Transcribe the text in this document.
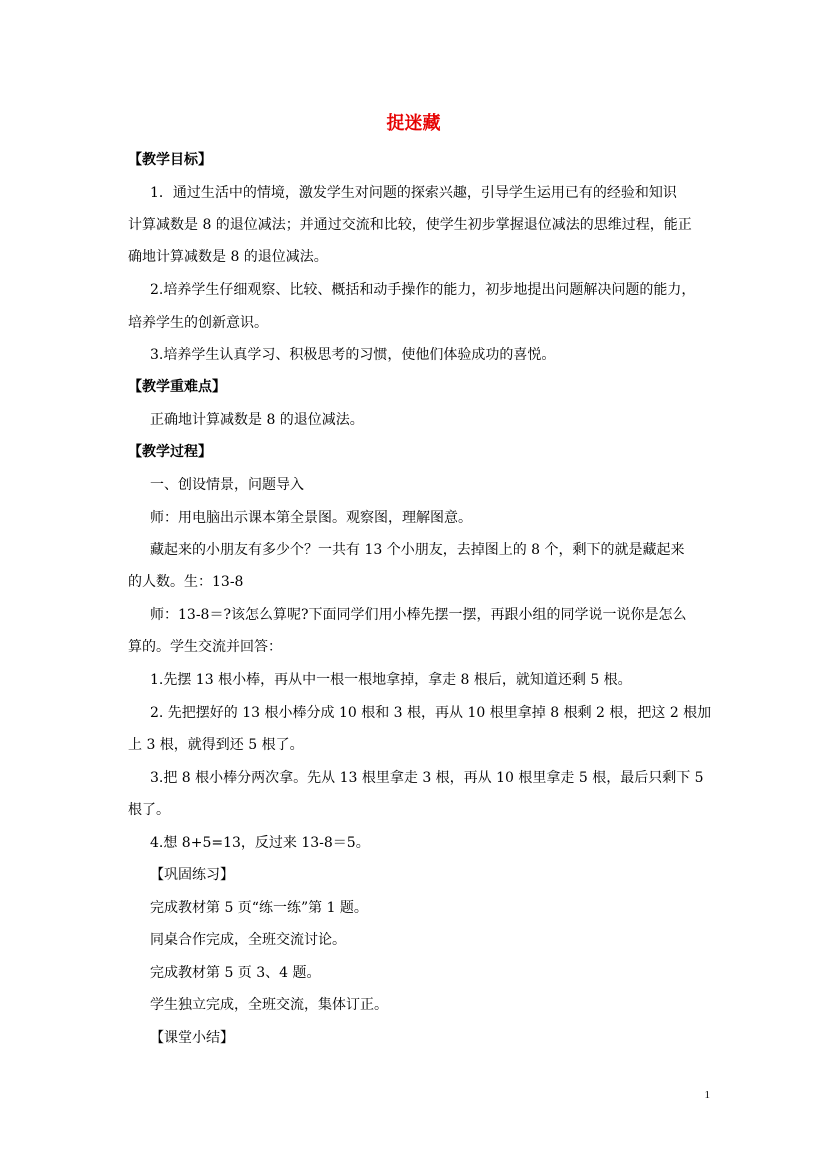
捉迷藏
【教学目标】
1．通过生活中的情境，激发学生对问题的探索兴趣，引导学生运用已有的经验和知识
计算减数是 8 的退位减法；并通过交流和比较，使学生初步掌握退位减法的思维过程，能正
确地计算减数是 8 的退位减法。
2.培养学生仔细观察、比较、概括和动手操作的能力，初步地提出问题解决问题的能力，
培养学生的创新意识。
3.培养学生认真学习、积极思考的习惯，使他们体验成功的喜悦。
【教学重难点】
正确地计算减数是 8 的退位减法。
【教学过程】
一、创设情景，问题导入
师：用电脑出示课本第全景图。观察图，理解图意。
藏起来的小朋友有多少个？一共有 13 个小朋友，去掉图上的 8 个，剩下的就是藏起来
的人数。生：13-8
师：13-8＝?该怎么算呢?下面同学们用小棒先摆一摆，再跟小组的同学说一说你是怎么
算的。学生交流并回答：
1.先摆 13 根小棒，再从中一根一根地拿掉，拿走 8 根后，就知道还剩 5 根。
2. 先把摆好的 13 根小棒分成 10 根和 3 根，再从 10 根里拿掉 8 根剩 2 根，把这 2 根加
上 3 根，就得到还 5 根了。
3.把 8 根小棒分两次拿。先从 13 根里拿走 3 根，再从 10 根里拿走 5 根，最后只剩下 5
根了。
4.想 8+5=13，反过来 13-8＝5。
【巩固练习】
完成教材第 5 页“练一练”第 1 题。
同桌合作完成，全班交流讨论。
完成教材第 5 页 3、4 题。
学生独立完成，全班交流，集体订正。
【课堂小结】
1
